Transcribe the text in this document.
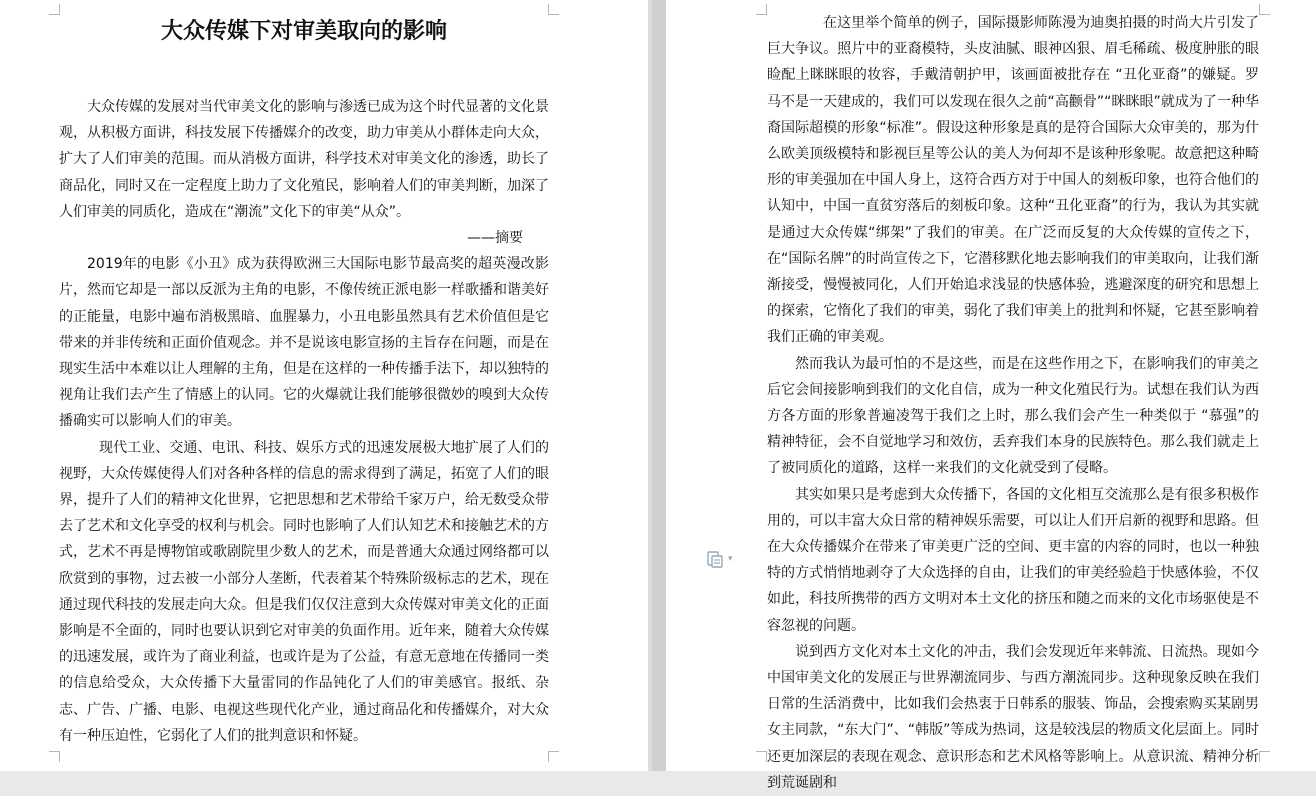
大众传媒下对审美取向的影响

大众传媒的发展对当代审美文化的影响与渗透已成为这个时代显著的文化景观，从积极方面讲，科技发展下传播媒介的改变，助力审美从小群体走向大众，扩大了人们审美的范围。而从消极方面讲，科学技术对审美文化的渗透，助长了商品化，同时又在一定程度上助力了文化殖民，影响着人们的审美判断，加深了人们审美的同质化，造成在“潮流”文化下的审美“从众”。

——摘要

2019年的电影《小丑》成为获得欧洲三大国际电影节最高奖的超英漫改影片，然而它却是一部以反派为主角的电影，不像传统正派电影一样歌播和谐美好的正能量，电影中遍布消极黑暗、血腥暴力，小丑电影虽然具有艺术价值但是它带来的并非传统和正面价值观念。并不是说该电影宣扬的主旨存在问题，而是在现实生活中本难以让人理解的主角，但是在这样的一种传播手法下，却以独特的视角让我们去产生了情感上的认同。它的火爆就让我们能够很微妙的嗅到大众传播确实可以影响人们的审美。

现代工业、交通、电讯、科技、娱乐方式的迅速发展极大地扩展了人们的视野，大众传媒使得人们对各种各样的信息的需求得到了满足，拓宽了人们的眼界，提升了人们的精神文化世界，它把思想和艺术带给千家万户，给无数受众带去了艺术和文化享受的权利与机会。同时也影响了人们认知艺术和接触艺术的方式，艺术不再是博物馆或歌剧院里少数人的艺术，而是普通大众通过网络都可以欣赏到的事物，过去被一小部分人垄断，代表着某个特殊阶级标志的艺术，现在通过现代科技的发展走向大众。但是我们仅仅注意到大众传媒对审美文化的正面影响是不全面的，同时也要认识到它对审美的负面作用。近年来，随着大众传媒的迅速发展，或许为了商业利益，也或许是为了公益，有意无意地在传播同一类的信息给受众，大众传播下大量雷同的作品钝化了人们的审美感官。报纸、杂志、广告、广播、电影、电视这些现代化产业，通过商品化和传播媒介，对大众有一种压迫性，它弱化了人们的批判意识和怀疑。

在这里举个简单的例子，国际摄影师陈漫为迪奥拍摄的时尚大片引发了巨大争议。照片中的亚裔模特，头皮油腻、眼神凶狠、眉毛稀疏、极度肿胀的眼睑配上眯眯眼的妆容，手戴清朝护甲，该画面被批存在 “丑化亚裔”的嫌疑。罗马不是一天建成的，我们可以发现在很久之前“高颧骨”“眯眯眼”就成为了一种华裔国际超模的形象“标准”。假设这种形象是真的是符合国际大众审美的，那为什么欧美顶级模特和影视巨星等公认的美人为何却不是该种形象呢。故意把这种畸形的审美强加在中国人身上，这符合西方对于中国人的刻板印象，也符合他们的认知中，中国一直贫穷落后的刻板印象。这种“丑化亚裔”的行为，我认为其实就是通过大众传媒“绑架”了我们的审美。在广泛而反复的大众传媒的宣传之下，在“国际名牌”的时尚宣传之下，它潜移默化地去影响我们的审美取向，让我们渐渐接受，慢慢被同化，人们开始追求浅显的快感体验，逃避深度的研究和思想上的探索，它惰化了我们的审美，弱化了我们审美上的批判和怀疑，它甚至影响着我们正确的审美观。

然而我认为最可怕的不是这些，而是在这些作用之下，在影响我们的审美之后它会间接影响到我们的文化自信，成为一种文化殖民行为。试想在我们认为西方各方面的形象普遍凌驾于我们之上时，那么我们会产生一种类似于 “慕强”的精神特征，会不自觉地学习和效仿，丢弃我们本身的民族特色。那么我们就走上了被同质化的道路，这样一来我们的文化就受到了侵略。

其实如果只是考虑到大众传播下，各国的文化相互交流那么是有很多积极作用的，可以丰富大众日常的精神娱乐需要，可以让人们开启新的视野和思路。但在大众传播媒介在带来了审美更广泛的空间、更丰富的内容的同时，也以一种独特的方式悄悄地剥夺了大众选择的自由，让我们的审美经验趋于快感体验，不仅如此，科技所携带的西方文明对本土文化的挤压和随之而来的文化市场驱使是不容忽视的问题。

说到西方文化对本土文化的冲击，我们会发现近年来韩流、日流热。现如今中国审美文化的发展正与世界潮流同步、与西方潮流同步。这种现象反映在我们日常的生活消费中，比如我们会热衷于日韩系的服装、饰品，会搜索购买某剧男女主同款，“东大门”、“韩版”等成为热词，这是较浅层的物质文化层面上。同时还更加深层的表现在观念、意识形态和艺术风格等影响上。从意识流、精神分析到荒诞剧和

▾
